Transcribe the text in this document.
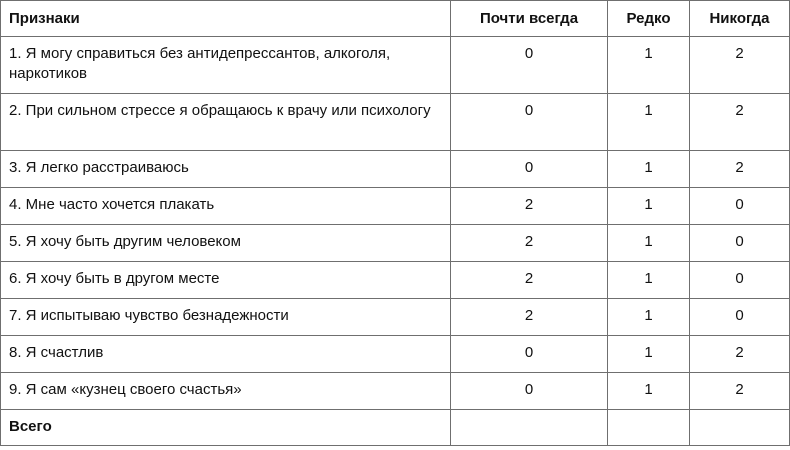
Признаки	Почти всегда	Редко	Никогда
1. Я могу справиться без антидепрессантов, алкоголя, наркотиков	0	1	2
2. При сильном стрессе я обращаюсь к врачу или психологу	0	1	2
3. Я легко расстраиваюсь	0	1	2
4. Мне часто хочется плакать	2	1	0
5. Я хочу быть другим человеком	2	1	0
6. Я хочу быть в другом месте	2	1	0
7. Я испытываю чувство безнадежности	2	1	0
8. Я счастлив	0	1	2
9. Я сам «кузнец своего счастья»	0	1	2
Всего			
